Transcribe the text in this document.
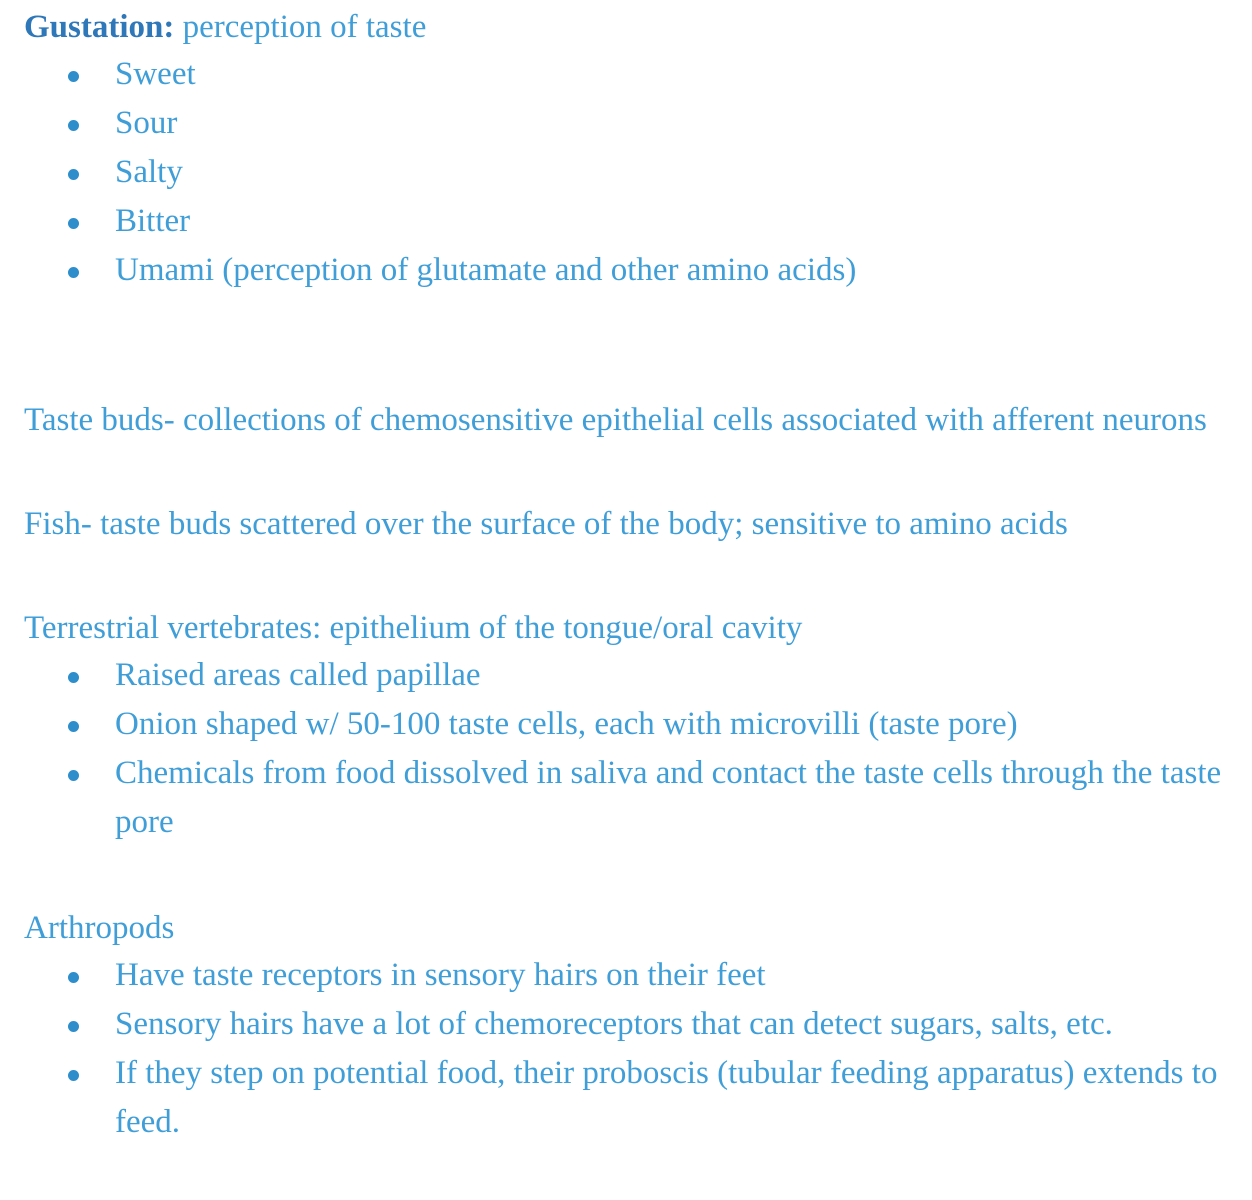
Gustation: perception of taste

Sweet
Sour
Salty
Bitter
Umami (perception of glutamate and other amino acids)

Taste buds- collections of chemosensitive epithelial cells associated with afferent neurons

Fish- taste buds scattered over the surface of the body; sensitive to amino acids

Terrestrial vertebrates: epithelium of the tongue/oral cavity

Raised areas called papillae
Onion shaped w/ 50-100 taste cells, each with microvilli (taste pore)
Chemicals from food dissolved in saliva and contact the taste cells through the taste pore

Arthropods

Have taste receptors in sensory hairs on their feet
Sensory hairs have a lot of chemoreceptors that can detect sugars, salts, etc.
If they step on potential food, their proboscis (tubular feeding apparatus) extends to feed.
